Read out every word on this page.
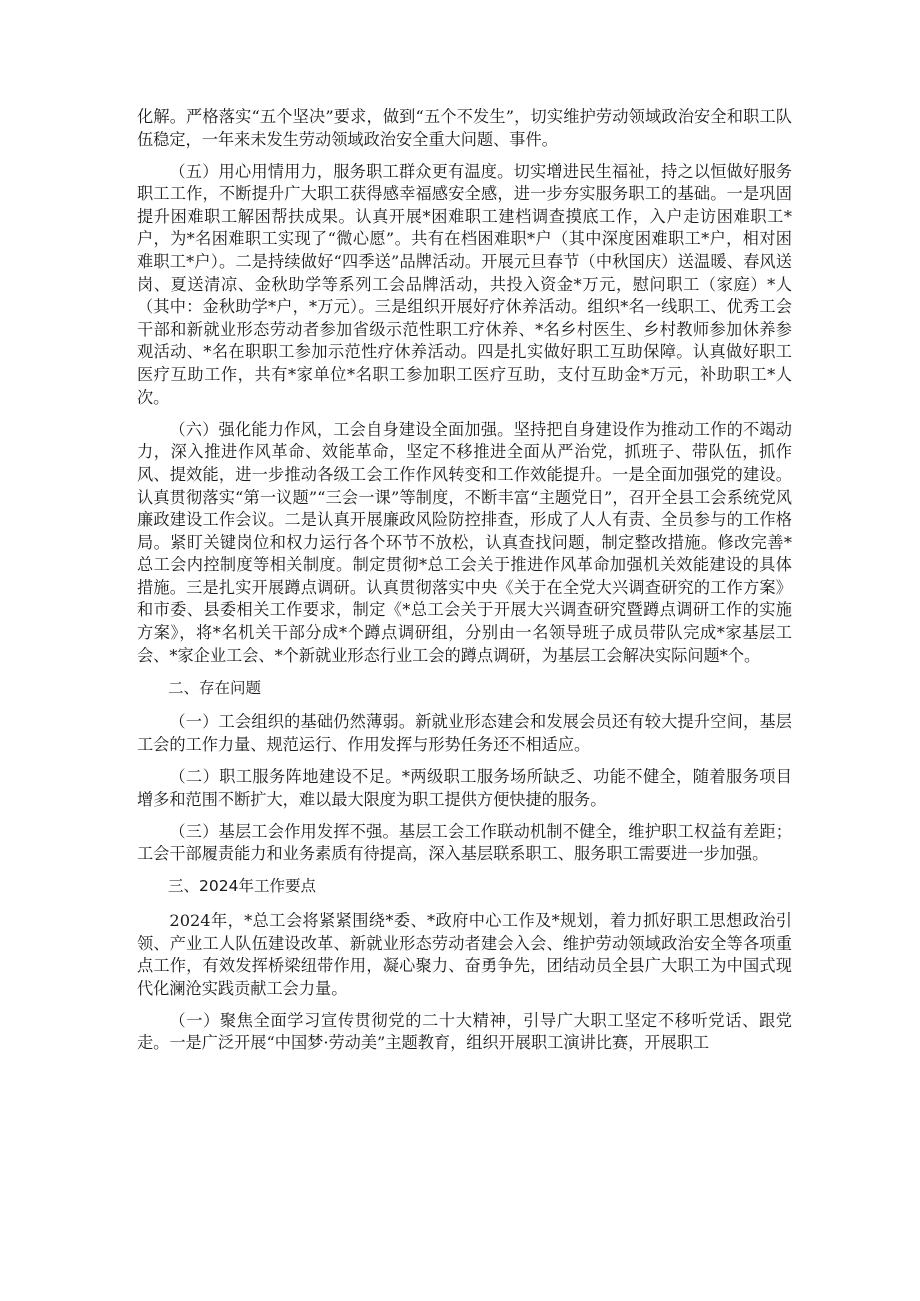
化解。严格落实“五个坚决”要求，做到“五个不发生”，切实维护劳动领域政治安全和职工队伍稳定，一年来未发生劳动领域政治安全重大问题、事件。

（五）用心用情用力，服务职工群众更有温度。切实增进民生福祉，持之以恒做好服务职工工作，不断提升广大职工获得感幸福感安全感，进一步夯实服务职工的基础。一是巩固提升困难职工解困帮扶成果。认真开展*困难职工建档调查摸底工作，入户走访困难职工*户，为*名困难职工实现了“微心愿”。共有在档困难职*户（其中深度困难职工*户，相对困难职工*户）。二是持续做好“四季送”品牌活动。开展元旦春节（中秋国庆）送温暖、春风送岗、夏送清凉、金秋助学等系列工会品牌活动，共投入资金*万元，慰问职工（家庭）*人（其中：金秋助学*户，*万元）。三是组织开展好疗休养活动。组织*名一线职工、优秀工会干部和新就业形态劳动者参加省级示范性职工疗休养、*名乡村医生、乡村教师参加休养参观活动、*名在职职工参加示范性疗休养活动。四是扎实做好职工互助保障。认真做好职工医疗互助工作，共有*家单位*名职工参加职工医疗互助，支付互助金*万元，补助职工*人次。

（六）强化能力作风，工会自身建设全面加强。坚持把自身建设作为推动工作的不竭动力，深入推进作风革命、效能革命，坚定不移推进全面从严治党，抓班子、带队伍，抓作风、提效能，进一步推动各级工会工作作风转变和工作效能提升。一是全面加强党的建设。认真贯彻落实“第一议题”“三会一课”等制度，不断丰富“主题党日”，召开全县工会系统党风廉政建设工作会议。二是认真开展廉政风险防控排查，形成了人人有责、全员参与的工作格局。紧盯关键岗位和权力运行各个环节不放松，认真查找问题，制定整改措施。修改完善*总工会内控制度等相关制度。制定贯彻*总工会关于推进作风革命加强机关效能建设的具体措施。三是扎实开展蹲点调研。认真贯彻落实中央《关于在全党大兴调查研究的工作方案》和市委、县委相关工作要求，制定《*总工会关于开展大兴调查研究暨蹲点调研工作的实施方案》，将*名机关干部分成*个蹲点调研组，分别由一名领导班子成员带队完成*家基层工会、*家企业工会、*个新就业形态行业工会的蹲点调研，为基层工会解决实际问题*个。

二、存在问题

（一）工会组织的基础仍然薄弱。新就业形态建会和发展会员还有较大提升空间，基层工会的工作力量、规范运行、作用发挥与形势任务还不相适应。

（二）职工服务阵地建设不足。*两级职工服务场所缺乏、功能不健全，随着服务项目增多和范围不断扩大，难以最大限度为职工提供方便快捷的服务。

（三）基层工会作用发挥不强。基层工会工作联动机制不健全，维护职工权益有差距；工会干部履责能力和业务素质有待提高，深入基层联系职工、服务职工需要进一步加强。

三、2024年工作要点

2024年，*总工会将紧紧围绕*委、*政府中心工作及*规划，着力抓好职工思想政治引领、产业工人队伍建设改革、新就业形态劳动者建会入会、维护劳动领域政治安全等各项重点工作，有效发挥桥梁纽带作用，凝心聚力、奋勇争先，团结动员全县广大职工为中国式现代化澜沧实践贡献工会力量。

（一）聚焦全面学习宣传贯彻党的二十大精神，引导广大职工坚定不移听党话、跟党走。一是广泛开展“中国梦·劳动美”主题教育，组织开展职工演讲比赛，开展职工
